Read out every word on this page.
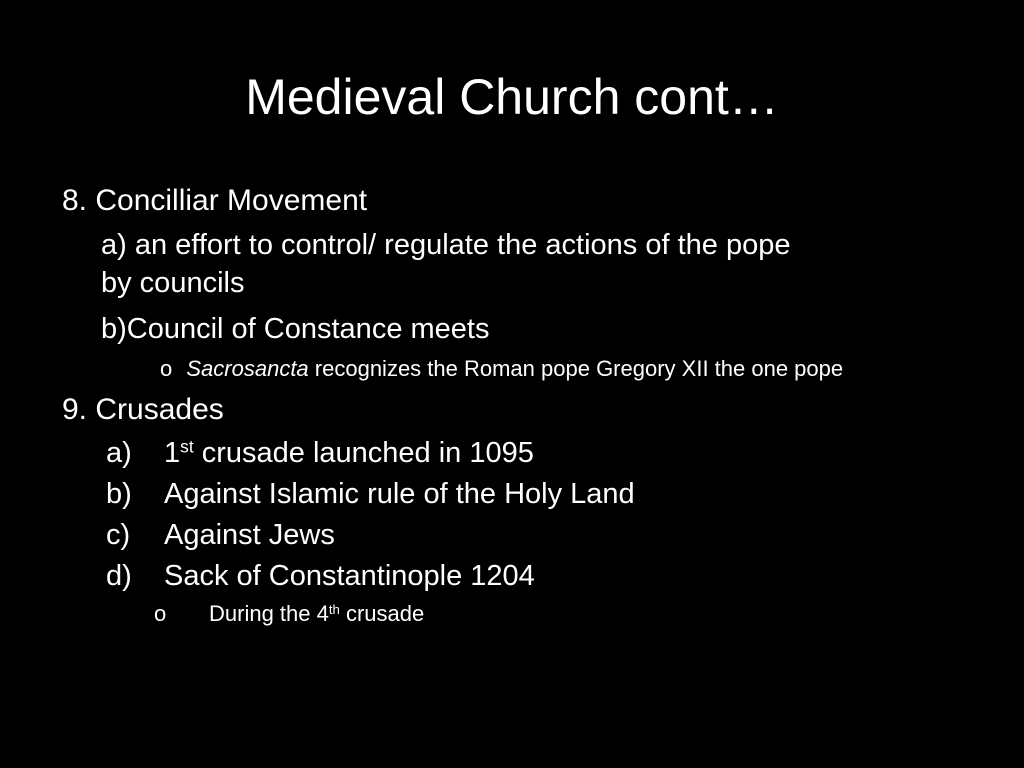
Medieval Church cont…
8. Concilliar Movement
a) an effort to control/ regulate the actions of the pope
by councils
b)Council of Constance meets
o Sacrosancta recognizes the Roman pope Gregory XII the one pope
9. Crusades
a) 1st crusade launched in 1095
b) Against Islamic rule of the Holy Land
c) Against Jews
d) Sack of Constantinople 1204
o During the 4th crusade
